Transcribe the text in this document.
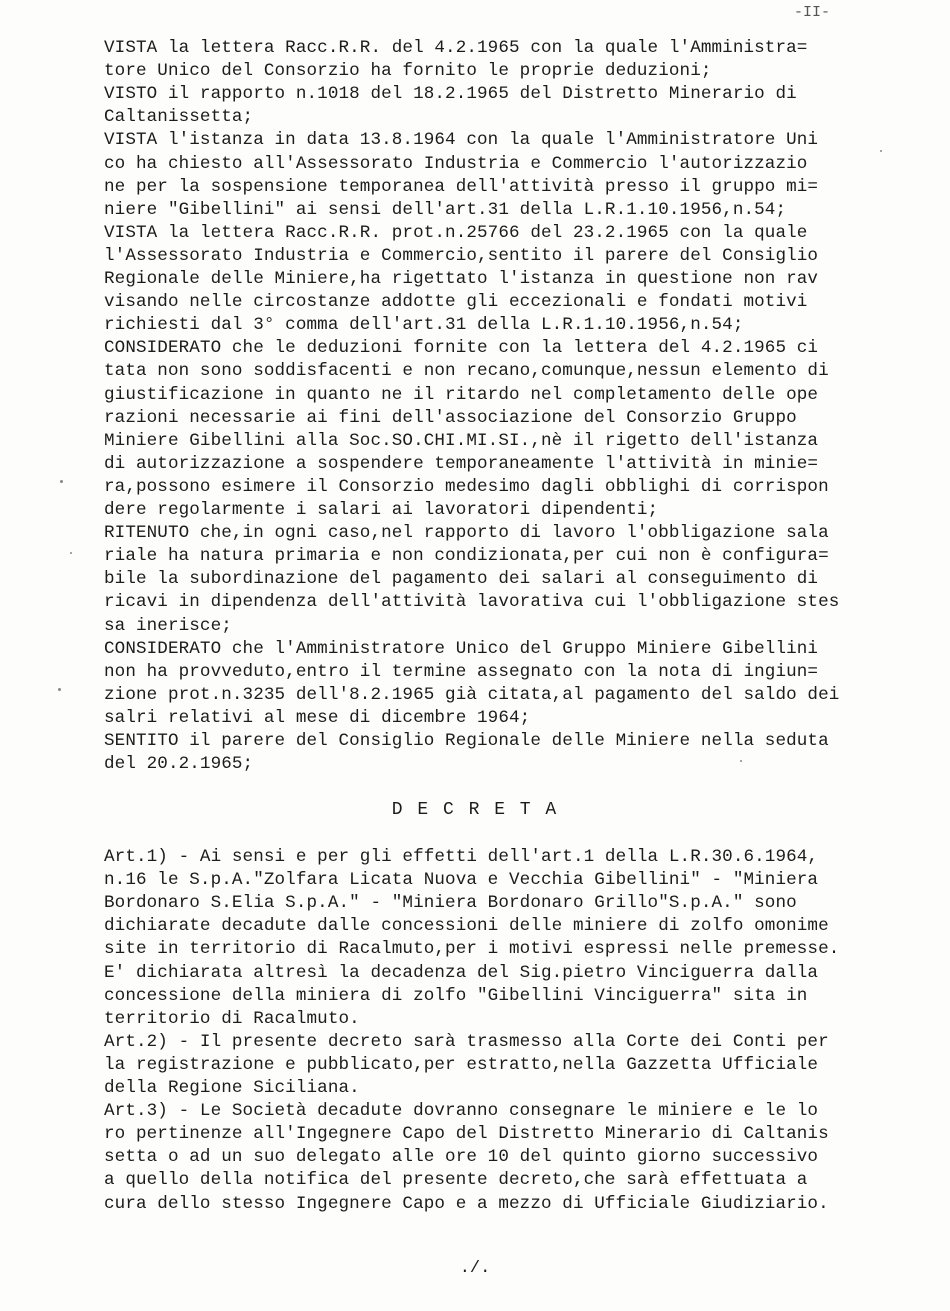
-II-
VISTA la lettera Racc.R.R. del 4.2.1965 con la quale l'Amministra=
tore Unico del Consorzio ha fornito le proprie deduzioni;
VISTO il rapporto n.1018 del 18.2.1965 del Distretto Minerario di
Caltanissetta;
VISTA l'istanza in data 13.8.1964 con la quale l'Amministratore Uni
co ha chiesto all'Assessorato Industria e Commercio l'autorizzazio
ne per la sospensione temporanea dell'attività presso il gruppo mi=
niere "Gibellini" ai sensi dell'art.31 della L.R.1.10.1956,n.54;
VISTA la lettera Racc.R.R. prot.n.25766 del 23.2.1965 con la quale
l'Assessorato Industria e Commercio,sentito il parere del Consiglio
Regionale delle Miniere,ha rigettato l'istanza in questione non rav
visando nelle circostanze addotte gli eccezionali e fondati motivi
richiesti dal 3° comma dell'art.31 della L.R.1.10.1956,n.54;
CONSIDERATO che le deduzioni fornite con la lettera del 4.2.1965 ci
tata non sono soddisfacenti e non recano,comunque,nessun elemento di
giustificazione in quanto ne il ritardo nel completamento delle ope
razioni necessarie ai fini dell'associazione del Consorzio Gruppo
Miniere Gibellini alla Soc.SO.CHI.MI.SI.,nè il rigetto dell'istanza
di autorizzazione a sospendere temporaneamente l'attività in minie=
ra,possono esimere il Consorzio medesimo dagli obblighi di corrispon
dere regolarmente i salari ai lavoratori dipendenti;
RITENUTO che,in ogni caso,nel rapporto di lavoro l'obbligazione sala
riale ha natura primaria e non condizionata,per cui non è configura=
bile la subordinazione del pagamento dei salari al conseguimento di
ricavi in dipendenza dell'attività lavorativa cui l'obbligazione stes
sa inerisce;
CONSIDERATO che l'Amministratore Unico del Gruppo Miniere Gibellini
non ha provveduto,entro il termine assegnato con la nota di ingiun=
zione prot.n.3235 dell'8.2.1965 già citata,al pagamento del saldo dei
salri relativi al mese di dicembre 1964;
SENTITO il parere del Consiglio Regionale delle Miniere nella seduta
del 20.2.1965;
D E C R E T A
Art.1) - Ai sensi e per gli effetti dell'art.1 della L.R.30.6.1964,
n.16 le S.p.A."Zolfara Licata Nuova e Vecchia Gibellini" - "Miniera
Bordonaro S.Elia S.p.A." - "Miniera Bordonaro Grillo"S.p.A." sono
dichiarate decadute dalle concessioni delle miniere di zolfo omonime
site in territorio di Racalmuto,per i motivi espressi nelle premesse.
E' dichiarata altresì la decadenza del Sig.pietro Vinciguerra dalla
concessione della miniera di zolfo "Gibellini Vinciguerra" sita in
territorio di Racalmuto.
Art.2) - Il presente decreto sarà trasmesso alla Corte dei Conti per
la registrazione e pubblicato,per estratto,nella Gazzetta Ufficiale
della Regione Siciliana.
Art.3) - Le Società decadute dovranno consegnare le miniere e le lo
ro pertinenze all'Ingegnere Capo del Distretto Minerario di Caltanis
setta o ad un suo delegato alle ore 10 del quinto giorno successivo
a quello della notifica del presente decreto,che sarà effettuata a
cura dello stesso Ingegnere Capo e a mezzo di Ufficiale Giudiziario.
./.
